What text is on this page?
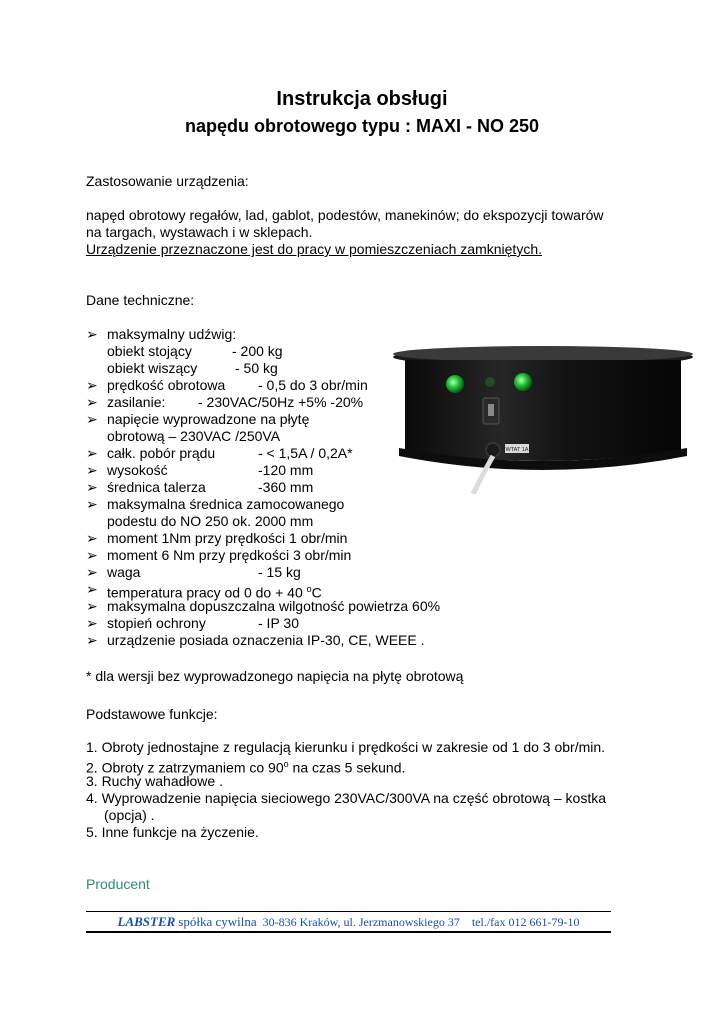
Instrukcja obsługi
napędu obrotowego typu : MAXI - NO 250
Zastosowanie urządzenia:
napęd obrotowy regałów, lad, gablot, podestów, manekinów; do ekspozycji towarów
na targach, wystawach i w sklepach.
Urządzenie przeznaczone jest do pracy w pomieszczeniach zamkniętych.
Dane techniczne:
➢ maksymalny udźwig:
obiekt stojący	- 200 kg
obiekt wiszący	- 50 kg
➢ prędkość obrotowa - 0,5 do 3 obr/min
➢ zasilanie: - 230VAC/50Hz +5% -20%
➢ napięcie wyprowadzone na płytę
obrotową – 230VAC /250VA
➢ całk. pobór prądu	- < 1,5A / 0,2A*
➢ wysokość	-120 mm
➢ średnica talerza	-360 mm
➢ maksymalna średnica zamocowanego
podestu do NO 250 ok. 2000 mm
➢ moment 1Nm przy prędkości 1 obr/min
➢ moment 6 Nm przy prędkości 3 obr/min
➢ waga	- 15 kg
➢ temperatura pracy od 0 do + 40 $^o$C
➢ maksymalna dopuszczalna wilgotność powietrza 60%
➢ stopień ochrony	- IP 30
➢ urządzenie posiada oznaczenia IP-30, CE, WEEE .
* dla wersji bez wyprowadzonego napięcia na płytę obrotową
Podstawowe funkcje:
1. Obroty jednostajne z regulacją kierunku i prędkości w zakresie od 1 do 3 obr/min.
2. Obroty z zatrzymaniem co 90$^o$ na czas 5 sekund.
3. Ruchy wahadłowe .
4. Wyprowadzenie napięcia sieciowego 230VAC/300VA na część obrotową – kostka
(opcja) .
5. Inne funkcje na życzenie.
Producent
LABSTER spółka cywilna 30-836 Kraków, ul. Jerzmanowskiego 37 tel./fax 012 661-79-10
WTAT 1A
